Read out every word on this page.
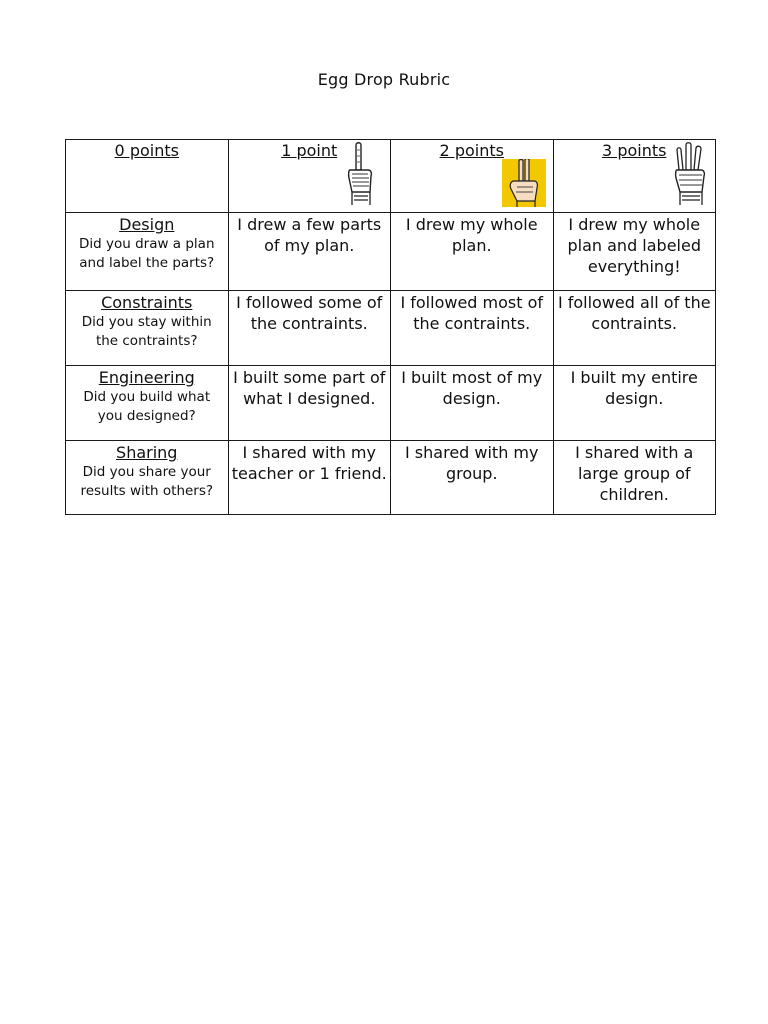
Egg Drop Rubric
0 points	1 point	2 points	3 points

Design
Did you draw a plan and label the parts?	I drew a few parts of my plan.	I drew my whole plan.	I drew my whole plan and labeled everything!

Constraints
Did you stay within the contraints?	I followed some of the contraints.	I followed most of the contraints.	I followed all of the contraints.

Engineering
Did you build what you designed?	I built some part of what I designed.	I built most of my design.	I built my entire design.

Sharing
Did you share your results with others?	I shared with my teacher or 1 friend.	I shared with my group.	I shared with a large group of children.
